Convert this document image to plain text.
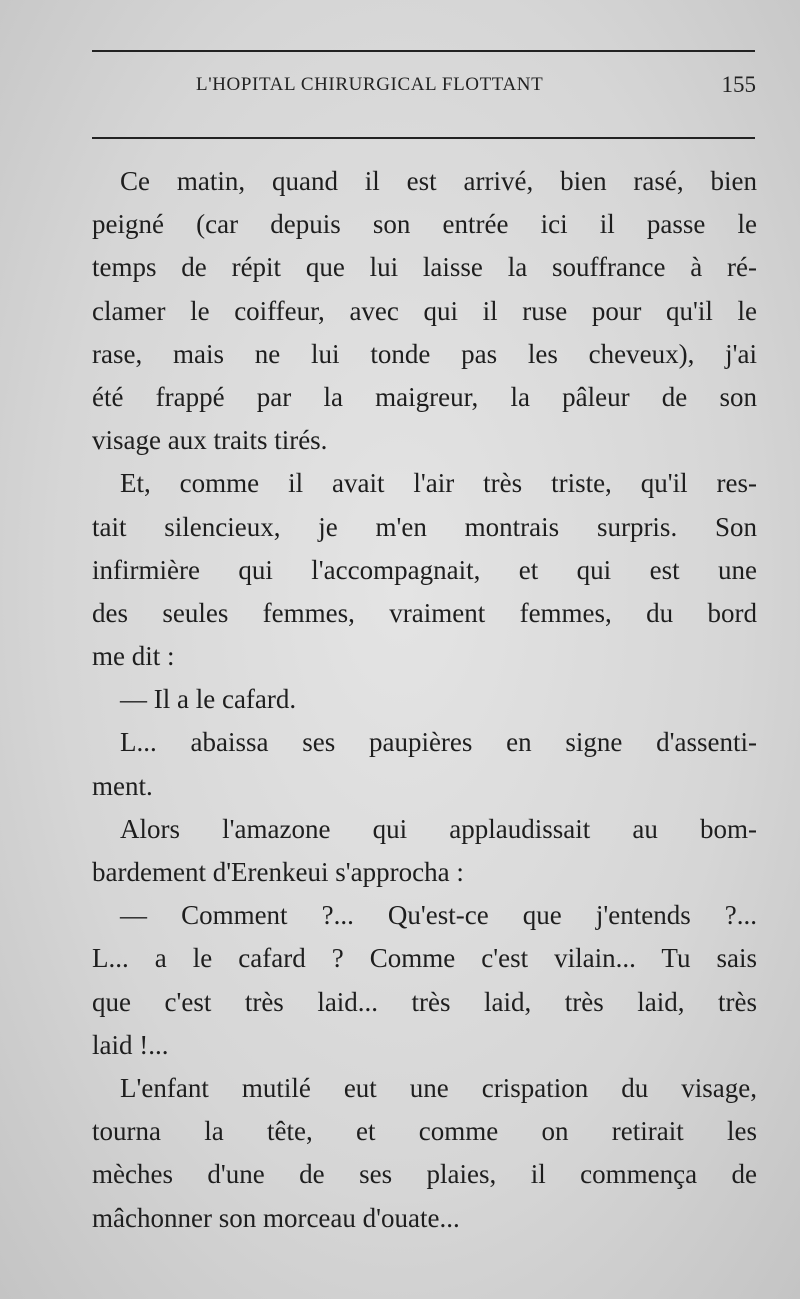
L'HOPITAL CHIRURGICAL FLOTTANT	155
Ce matin, quand il est arrivé, bien rasé, bien
peigné (car depuis son entrée ici il passe le
temps de répit que lui laisse la souffrance à ré-
clamer le coiffeur, avec qui il ruse pour qu'il le
rase, mais ne lui tonde pas les cheveux), j'ai
été frappé par la maigreur, la pâleur de son
visage aux traits tirés.
Et, comme il avait l'air très triste, qu'il res-
tait silencieux, je m'en montrais surpris. Son
infirmière qui l'accompagnait, et qui est une
des seules femmes, vraiment femmes, du bord
me dit :
— Il a le cafard.
L... abaissa ses paupières en signe d'assenti-
ment.
Alors l'amazone qui applaudissait au bom-
bardement d'Erenkeui s'approcha :
— Comment ?... Qu'est-ce que j'entends ?...
L... a le cafard ? Comme c'est vilain... Tu sais
que c'est très laid... très laid, très laid, très
laid !...
L'enfant mutilé eut une crispation du visage,
tourna la tête, et comme on retirait les
mèches d'une de ses plaies, il commença de
mâchonner son morceau d'ouate...
